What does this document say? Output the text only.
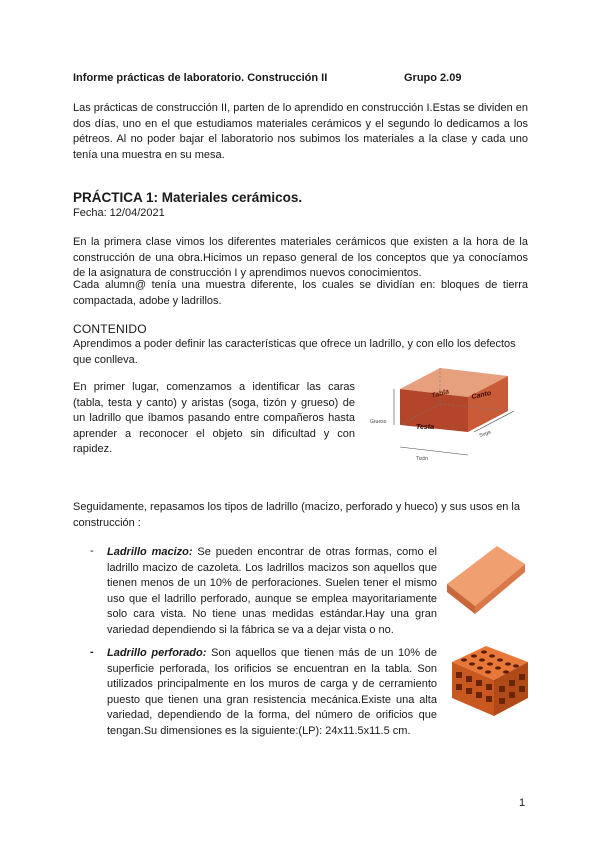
Informe prácticas de laboratorio. Construcción II	Grupo 2.09

Las prácticas de construcción II, parten de lo aprendido en construcción I.Estas se dividen en dos días, uno en el que estudiamos materiales cerámicos y el segundo lo dedicamos a los pétreos. Al no poder bajar el laboratorio nos subimos los materiales a la clase y cada uno tenía una muestra en su mesa.

PRÁCTICA 1: Materiales cerámicos.
Fecha: 12/04/2021

En la primera clase vimos los diferentes materiales cerámicos que existen a la hora de la construcción de una obra.Hicimos un repaso general de los conceptos que ya conocíamos de la asignatura de construcción I y aprendimos nuevos conocimientos.

Cada alumn@ tenía una muestra diferente, los cuales se dividían en: bloques de tierra compactada, adobe y ladrillos.

CONTENIDO

Aprendimos a poder definir las características que ofrece un ladrillo, y con ello los defectos que conlleva.

En primer lugar, comenzamos a identificar las caras (tabla, testa y canto) y aristas (soga, tizón y grueso) de un ladrillo que íbamos pasando entre compañeros hasta aprender a reconocer el objeto sin dificultad y con rapidez.

Tabla	Canto
Testa
Grueso
Soga
Tizón

Seguidamente, repasamos los tipos de ladrillo (macizo, perforado y hueco) y sus usos en la construcción :

- Ladrillo macizo: Se pueden encontrar de otras formas, como el ladrillo macizo de cazoleta. Los ladrillos macizos son aquellos que tienen menos de un 10% de perforaciones. Suelen tener el mismo uso que el ladrillo perforado, aunque se emplea mayoritariamente solo cara vista. No tiene unas medidas estándar.Hay una gran variedad dependiendo si la fábrica se va a dejar vista o no.

- Ladrillo perforado: Son aquellos que tienen más de un 10% de superficie perforada, los orificios se encuentran en la tabla. Son utilizados principalmente en los muros de carga y de cerramiento puesto que tienen una gran resistencia mecánica.Existe una alta variedad, dependiendo de la forma, del número de orificios que tengan.Su dimensiones es la siguiente:(LP): 24x11.5x11.5 cm.

1
